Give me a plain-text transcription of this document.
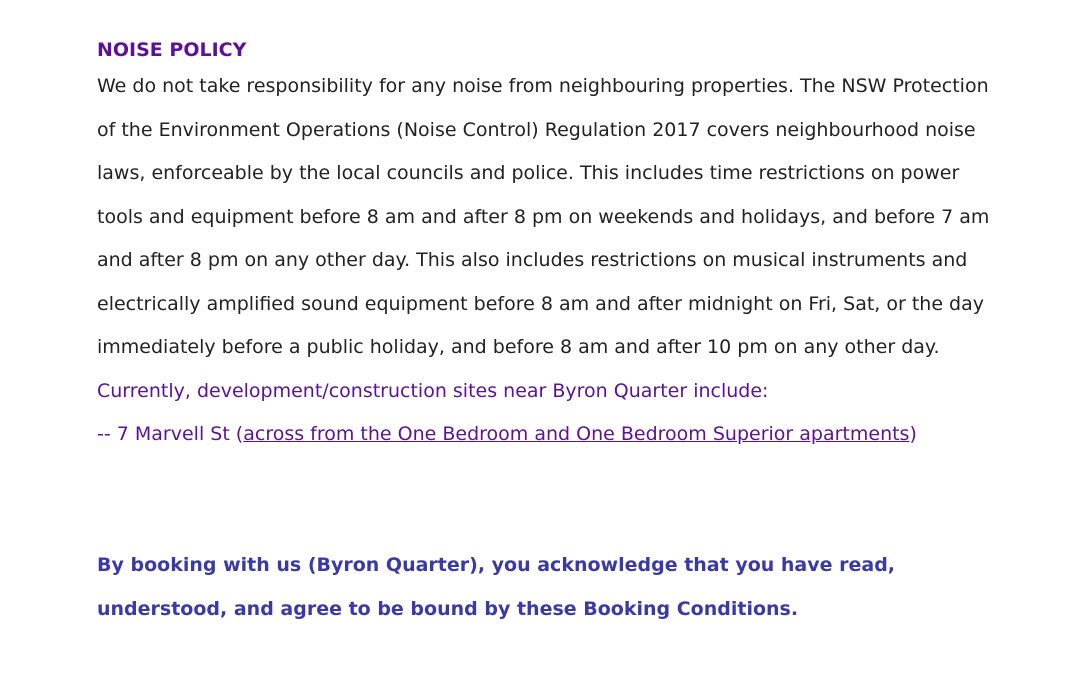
NOISE POLICY

We do not take responsibility for any noise from neighbouring properties. The NSW Protection of the Environment Operations (Noise Control) Regulation 2017 covers neighbourhood noise laws, enforceable by the local councils and police. This includes time restrictions on power tools and equipment before 8 am and after 8 pm on weekends and holidays, and before 7 am and after 8 pm on any other day. This also includes restrictions on musical instruments and electrically amplified sound equipment before 8 am and after midnight on Fri, Sat, or the day immediately before a public holiday, and before 8 am and after 10 pm on any other day.

Currently, development/construction sites near Byron Quarter include:

-- 7 Marvell St (across from the One Bedroom and One Bedroom Superior apartments)

By booking with us (Byron Quarter), you acknowledge that you have read,
understood, and agree to be bound by these Booking Conditions.
